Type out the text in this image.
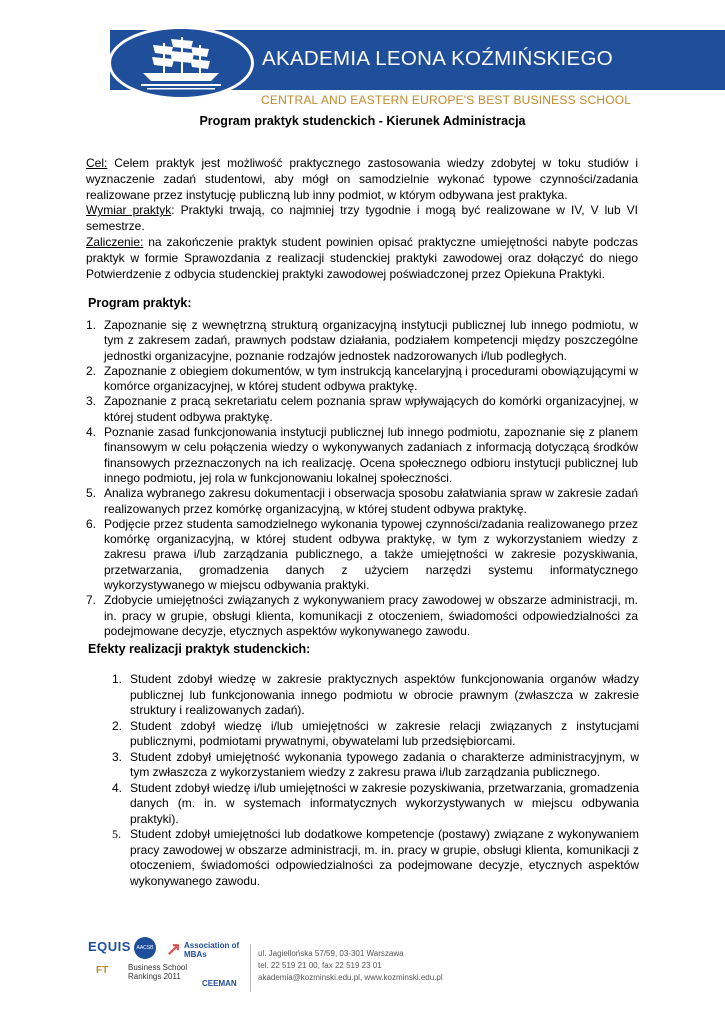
AKADEMIA LEONA KOŹMIŃSKIEGO
CENTRAL AND EASTERN EUROPE'S BEST BUSINESS SCHOOL
Program praktyk studenckich - Kierunek Administracja

Cel: Celem praktyk jest możliwość praktycznego zastosowania wiedzy zdobytej w toku studiów i wyznaczenie zadań studentowi, aby mógł on samodzielnie wykonać typowe czynności/zadania realizowane przez instytucję publiczną lub inny podmiot, w którym odbywana jest praktyka.

Wymiar praktyk: Praktyki trwają, co najmniej trzy tygodnie i mogą być realizowane w IV, V lub VI semestrze.

Zaliczenie: na zakończenie praktyk student powinien opisać praktyczne umiejętności nabyte podczas praktyk w formie Sprawozdania z realizacji studenckiej praktyki zawodowej oraz dołączyć do niego Potwierdzenie z odbycia studenckiej praktyki zawodowej poświadczonej przez Opiekuna Praktyki.

Program praktyk:
1. Zapoznanie się z wewnętrzną strukturą organizacyjną instytucji publicznej lub innego podmiotu, w tym z zakresem zadań, prawnych podstaw działania, podziałem kompetencji między poszczególne jednostki organizacyjne, poznanie rodzajów jednostek nadzorowanych i/lub podległych.
2. Zapoznanie z obiegiem dokumentów, w tym instrukcją kancelaryjną i procedurami obowiązującymi w komórce organizacyjnej, w której student odbywa praktykę.
3. Zapoznanie z pracą sekretariatu celem poznania spraw wpływających do komórki organizacyjnej, w której student odbywa praktykę.
4. Poznanie zasad funkcjonowania instytucji publicznej lub innego podmiotu, zapoznanie się z planem finansowym w celu połączenia wiedzy o wykonywanych zadaniach z informacją dotyczącą środków finansowych przeznaczonych na ich realizację. Ocena społecznego odbioru instytucji publicznej lub innego podmiotu, jej rola w funkcjonowaniu lokalnej społeczności.
5. Analiza wybranego zakresu dokumentacji i obserwacja sposobu załatwiania spraw w zakresie zadań realizowanych przez komórkę organizacyjną, w której student odbywa praktykę.
6. Podjęcie przez studenta samodzielnego wykonania typowej czynności/zadania realizowanego przez komórkę organizacyjną, w której student odbywa praktykę, w tym z wykorzystaniem wiedzy z zakresu prawa i/lub zarządzania publicznego, a także umiejętności w zakresie pozyskiwania, przetwarzania, gromadzenia danych z użyciem narzędzi systemu informatycznego wykorzystywanego w miejscu odbywania praktyki.
7. Zdobycie umiejętności związanych z wykonywaniem pracy zawodowej w obszarze administracji, m. in. pracy w grupie, obsługi klienta, komunikacji z otoczeniem, świadomości odpowiedzialności za podejmowane decyzje, etycznych aspektów wykonywanego zawodu.
Efekty realizacji praktyk studenckich:
1. Student zdobył wiedzę w zakresie praktycznych aspektów funkcjonowania organów władzy publicznej lub funkcjonowania innego podmiotu w obrocie prawnym (zwłaszcza w zakresie struktury i realizowanych zadań).
2. Student zdobył wiedzę i/lub umiejętności w zakresie relacji związanych z instytucjami publicznymi, podmiotami prywatnymi, obywatelami lub przedsiębiorcami.
3. Student zdobył umiejętność wykonania typowego zadania o charakterze administracyjnym, w tym zwłaszcza z wykorzystaniem wiedzy z zakresu prawa i/lub zarządzania publicznego.
4. Student zdobył wiedzę i/lub umiejętności w zakresie pozyskiwania, przetwarzania, gromadzenia danych (m. in. w systemach informatycznych wykorzystywanych w miejscu odbywania praktyki).
5. Student zdobył umiejętności lub dodatkowe kompetencje (postawy) związane z wykonywaniem pracy zawodowej w obszarze administracji, m. in. pracy w grupie, obsługi klienta, komunikacji z otoczeniem, świadomości odpowiedzialności za podejmowane decyzje, etycznych aspektów wykonywanego zawodu.
EQUIS	AACSB ↗ Association of MBAs
FT Business School
Rankings 2011
CEEMAN
ul. Jagiellońska 57/59, 03-301 Warszawa
tel. 22 519 21 00, fax 22 519 23 01
akademia@kozminski.edu.pl, www.kozminski.edu.pl
